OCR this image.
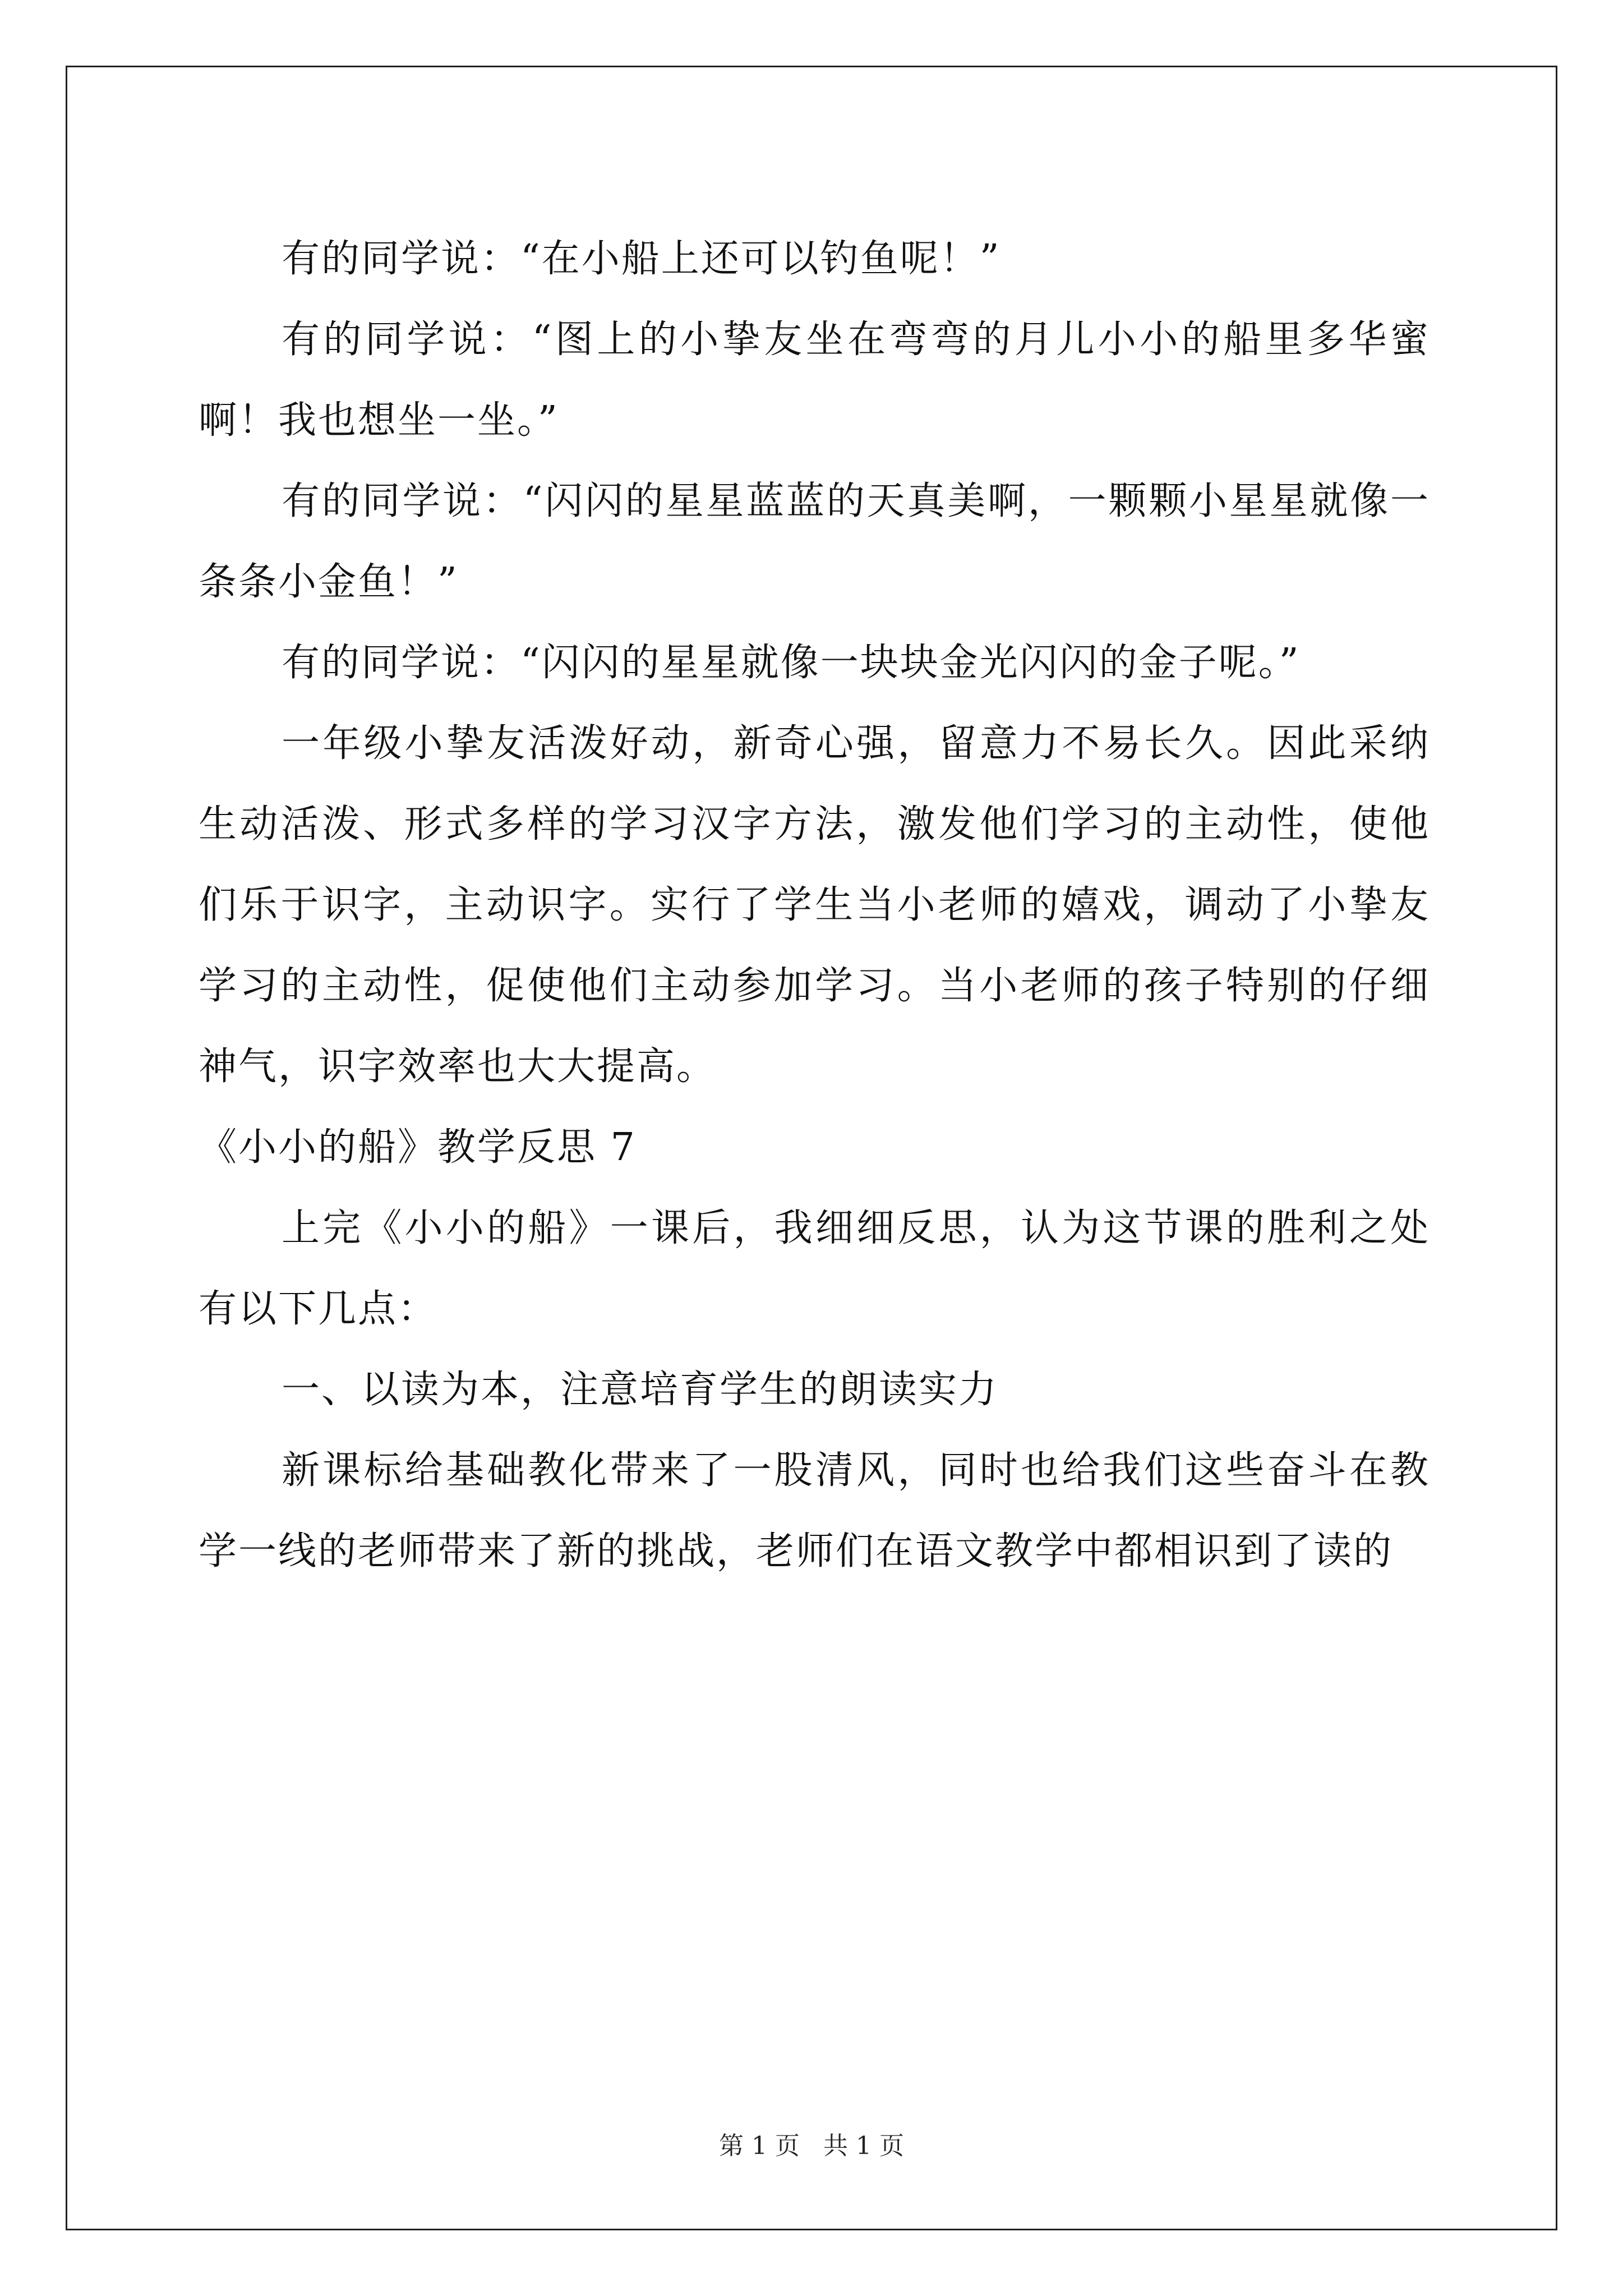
有的同学说：“在小船上还可以钓鱼呢！”

有的同学说：“图上的小挚友坐在弯弯的月儿小小的船里多华蜜啊！我也想坐一坐。”

有的同学说：“闪闪的星星蓝蓝的天真美啊，一颗颗小星星就像一条条小金鱼！”

有的同学说：“闪闪的星星就像一块块金光闪闪的金子呢。”

一年级小挚友活泼好动，新奇心强，留意力不易长久。因此采纳生动活泼、形式多样的学习汉字方法，激发他们学习的主动性，使他们乐于识字，主动识字。实行了学生当小老师的嬉戏，调动了小挚友学习的主动性，促使他们主动参加学习。当小老师的孩子特别的仔细神气，识字效率也大大提高。

《小小的船》教学反思 7

上完《小小的船》一课后，我细细反思，认为这节课的胜利之处有以下几点：

一、以读为本，注意培育学生的朗读实力

新课标给基础教化带来了一股清风，同时也给我们这些奋斗在教学一线的老师带来了新的挑战，老师们在语文教学中都相识到了读的

第 1 页   共 1 页
